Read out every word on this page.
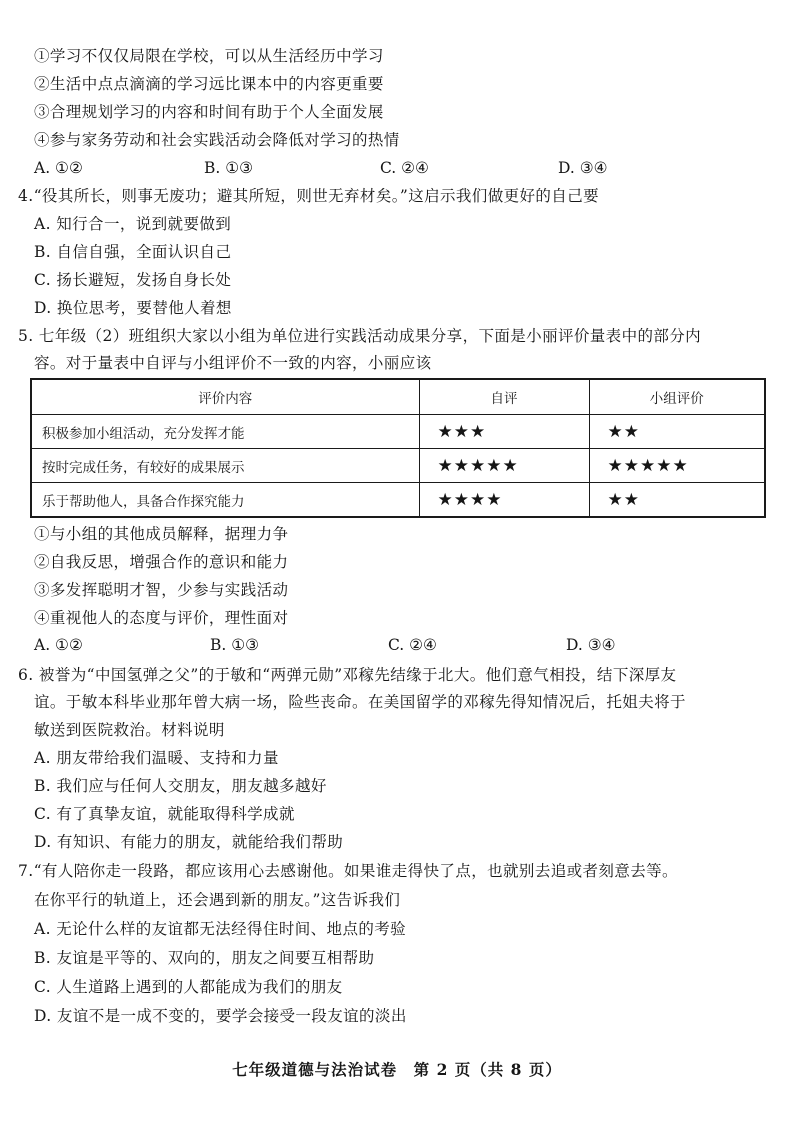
①学习不仅仅局限在学校，可以从生活经历中学习
②生活中点点滴滴的学习远比课本中的内容更重要
③合理规划学习的内容和时间有助于个人全面发展
④参与家务劳动和社会实践活动会降低对学习的热情
A. ①②	B. ①③	C. ②④	D. ③④
4.“役其所长，则事无废功；避其所短，则世无弃材矣。”这启示我们做更好的自己要
A. 知行合一，说到就要做到
B. 自信自强，全面认识自己
C. 扬长避短，发扬自身长处
D. 换位思考，要替他人着想
5. 七年级（2）班组织大家以小组为单位进行实践活动成果分享，下面是小丽评价量表中的部分内
容。对于量表中自评与小组评价不一致的内容，小丽应该
评价内容	自评	小组评价
积极参加小组活动，充分发挥才能	★★★	★★
按时完成任务，有较好的成果展示	★★★★★	★★★★★
乐于帮助他人，具备合作探究能力	★★★★	★★
①与小组的其他成员解释，据理力争
②自我反思，增强合作的意识和能力
③多发挥聪明才智，少参与实践活动
④重视他人的态度与评价，理性面对
A. ①②	B. ①③	C. ②④	D. ③④
6. 被誉为“中国氢弹之父”的于敏和“两弹元勋”邓稼先结缘于北大。他们意气相投，结下深厚友
谊。于敏本科毕业那年曾大病一场，险些丧命。在美国留学的邓稼先得知情况后，托姐夫将于
敏送到医院救治。材料说明
A. 朋友带给我们温暖、支持和力量
B. 我们应与任何人交朋友，朋友越多越好
C. 有了真挚友谊，就能取得科学成就
D. 有知识、有能力的朋友，就能给我们帮助
7.“有人陪你走一段路，都应该用心去感谢他。如果谁走得快了点，也就别去追或者刻意去等。
在你平行的轨道上，还会遇到新的朋友。”这告诉我们
A. 无论什么样的友谊都无法经得住时间、地点的考验
B. 友谊是平等的、双向的，朋友之间要互相帮助
C. 人生道路上遇到的人都能成为我们的朋友
D. 友谊不是一成不变的，要学会接受一段友谊的淡出
七年级道德与法治试卷　第 2 页（共 8 页）
